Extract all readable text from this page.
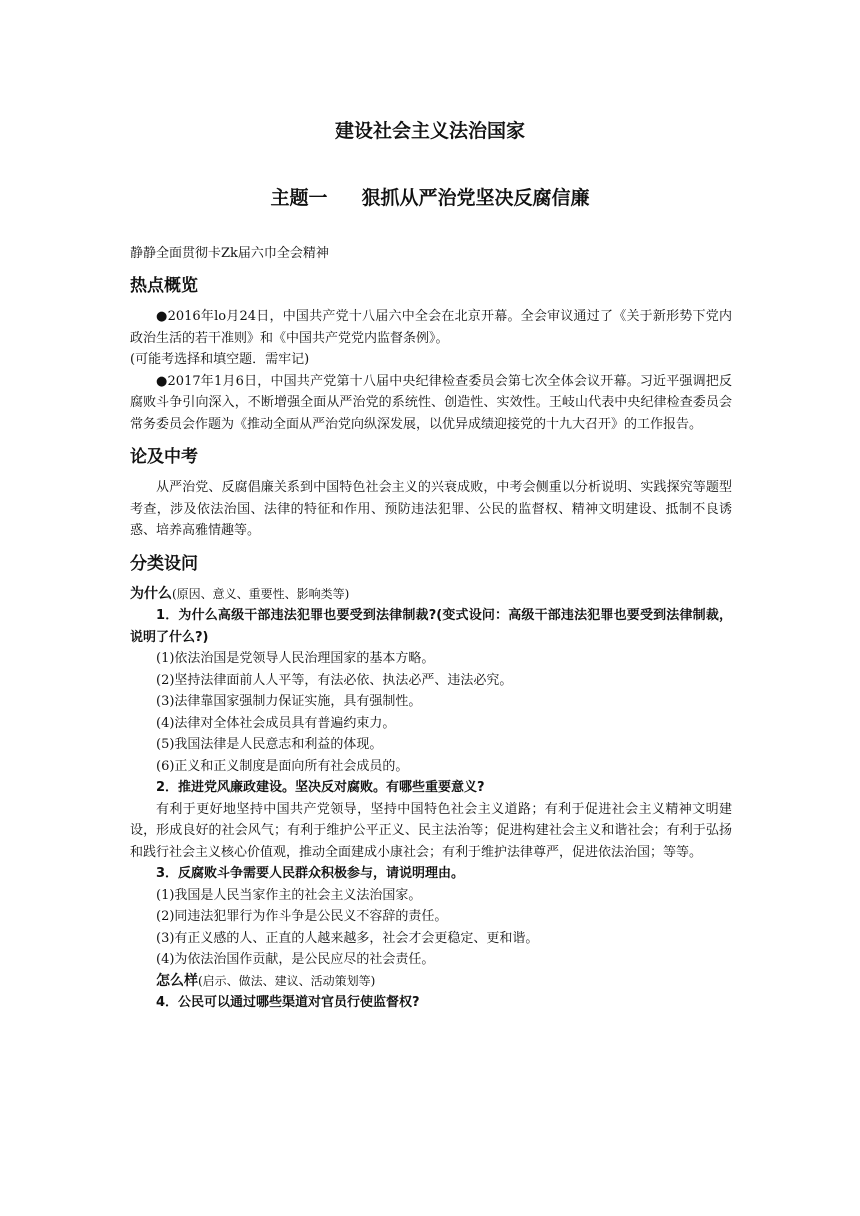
建设社会主义法治国家
主题一 狠抓从严治党坚决反腐信廉
静静全面贯彻卡Zk届六巾全会精神
热点概览

●2016年lo月24日，中国共产党十八届六中全会在北京开幕。全会审议通过了《关于新形势下党内政治生活的若干准则》和《中国共产党党内监督条例》。

(可能考选择和填空题．需牢记)

●2017年1月6日，中国共产党第十八届中央纪律检查委员会第七次全体会议开幕。习近平强调把反腐败斗争引向深入，不断增强全面从严治党的系统性、创造性、实效性。王岐山代表中央纪律检查委员会常务委员会作题为《推动全面从严治党向纵深发展，以优异成绩迎接党的十九大召开》的工作报告。

论及中考

从严治党、反腐倡廉关系到中国特色社会主义的兴衰成败，中考会侧重以分析说明、实践探究等题型考查，涉及依法治国、法律的特征和作用、预防违法犯罪、公民的监督权、精神文明建设、抵制不良诱惑、培养高雅情趣等。

分类设问

为什么(原因、意义、重要性、影响类等)

1．为什么高级干部违法犯罪也要受到法律制裁?(变式设问：高级干部违法犯罪也要受到法律制裁，说明了什么?)

(1)依法治国是党领导人民治理国家的基本方略。

(2)坚持法律面前人人平等，有法必依、执法必严、违法必究。

(3)法律靠国家强制力保证实施，具有强制性。

(4)法律对全体社会成员具有普遍约束力。

(5)我国法律是人民意志和利益的体现。

(6)正义和正义制度是面向所有社会成员的。

2．推进党风廉政建设。坚决反对腐败。有哪些重要意义?

有利于更好地坚持中国共产党领导，坚持中国特色社会主义道路；有利于促进社会主义精神文明建设，形成良好的社会风气；有利于维护公平正义、民主法治等；促进构建社会主义和谐社会；有利于弘扬和践行社会主义核心价值观，推动全面建成小康社会；有利于维护法律尊严，促进依法治国；等等。

3．反腐败斗争需要人民群众积极参与，请说明理由。

(1)我国是人民当家作主的社会主义法治国家。

(2)同违法犯罪行为作斗争是公民义不容辞的责任。

(3)有正义感的人、正直的人越来越多，社会才会更稳定、更和谐。

(4)为依法治国作贡献，是公民应尽的社会责任。

怎么样(启示、做法、建议、活动策划等)

4．公民可以通过哪些渠道对官员行使监督权?
